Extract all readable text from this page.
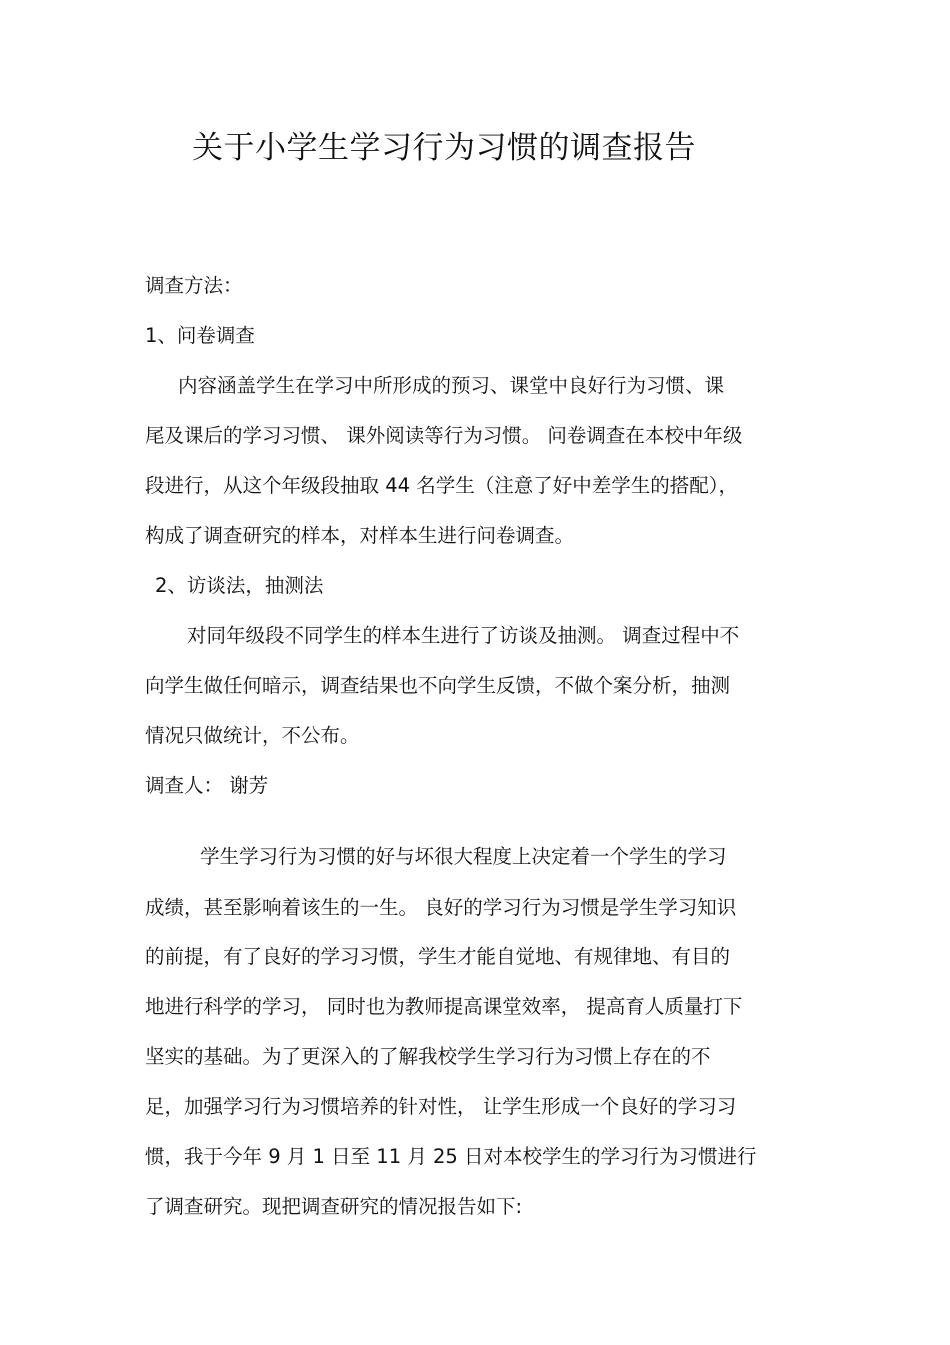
关于小学生学习行为习惯的调查报告
调查方法：
1、问卷调查
内容涵盖学生在学习中所形成的预习、课堂中良好行为习惯、课
尾及课后的学习习惯、 课外阅读等行为习惯。 问卷调查在本校中年级
段进行，从这个年级段抽取 44 名学生（注意了好中差学生的搭配），
构成了调查研究的样本，对样本生进行问卷调查。
2、访谈法，抽测法
对同年级段不同学生的样本生进行了访谈及抽测。 调查过程中不
向学生做任何暗示，调查结果也不向学生反馈，不做个案分析，抽测
情况只做统计，不公布。
调查人： 谢芳
学生学习行为习惯的好与坏很大程度上决定着一个学生的学习
成绩，甚至影响着该生的一生。 良好的学习行为习惯是学生学习知识
的前提，有了良好的学习习惯，学生才能自觉地、有规律地、有目的
地进行科学的学习， 同时也为教师提高课堂效率， 提高育人质量打下
坚实的基础。为了更深入的了解我校学生学习行为习惯上存在的不
足，加强学习行为习惯培养的针对性， 让学生形成一个良好的学习习
惯，我于今年 9 月 1 日至 11 月 25 日对本校学生的学习行为习惯进行
了调查研究。现把调查研究的情况报告如下:
